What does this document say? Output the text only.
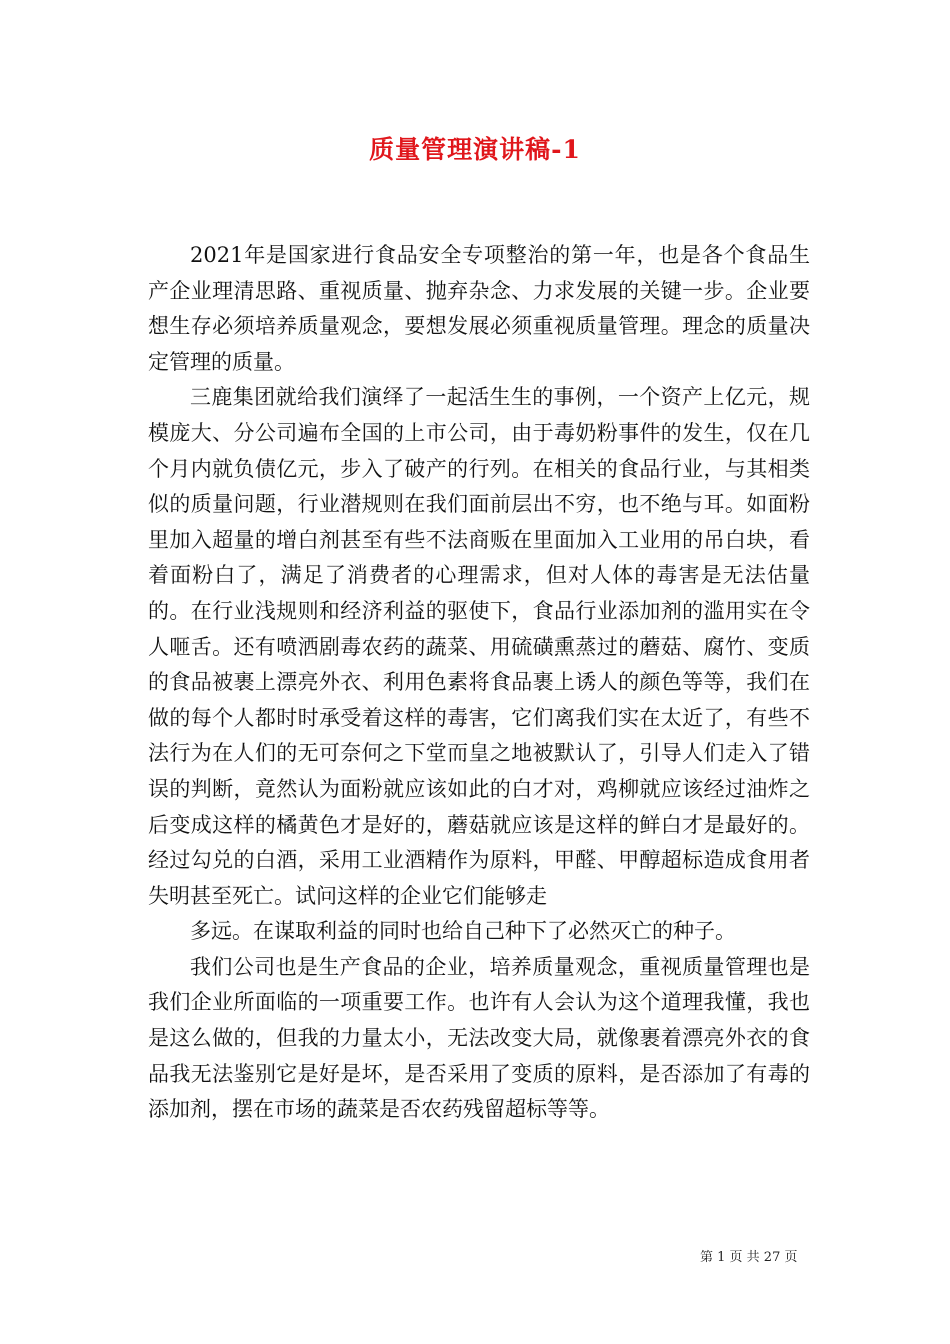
质量管理演讲稿-1

2021年是国家进行食品安全专项整治的第一年，也是各个食品生产企业理清思路、重视质量、抛弃杂念、力求发展的关键一步。企业要想生存必须培养质量观念，要想发展必须重视质量管理。理念的质量决定管理的质量。

三鹿集团就给我们演绎了一起活生生的事例，一个资产上亿元，规模庞大、分公司遍布全国的上市公司，由于毒奶粉事件的发生，仅在几个月内就负债亿元，步入了破产的行列。在相关的食品行业，与其相类似的质量问题，行业潜规则在我们面前层出不穷，也不绝与耳。如面粉里加入超量的增白剂甚至有些不法商贩在里面加入工业用的吊白块，看着面粉白了，满足了消费者的心理需求，但对人体的毒害是无法估量的。在行业浅规则和经济利益的驱使下，食品行业添加剂的滥用实在令人咂舌。还有喷洒剧毒农药的蔬菜、用硫磺熏蒸过的蘑菇、腐竹、变质的食品被裹上漂亮外衣、利用色素将食品裹上诱人的颜色等等，我们在做的每个人都时时承受着这样的毒害，它们离我们实在太近了，有些不法行为在人们的无可奈何之下堂而皇之地被默认了，引导人们走入了错误的判断，竟然认为面粉就应该如此的白才对，鸡柳就应该经过油炸之后变成这样的橘黄色才是好的，蘑菇就应该是这样的鲜白才是最好的。经过勾兑的白酒，采用工业酒精作为原料，甲醛、甲醇超标造成食用者失明甚至死亡。试问这样的企业它们能够走

多远。在谋取利益的同时也给自己种下了必然灭亡的种子。

我们公司也是生产食品的企业，培养质量观念，重视质量管理也是我们企业所面临的一项重要工作。也许有人会认为这个道理我懂，我也是这么做的，但我的力量太小，无法改变大局，就像裹着漂亮外衣的食品我无法鉴别它是好是坏，是否采用了变质的原料，是否添加了有毒的添加剂，摆在市场的蔬菜是否农药残留超标等等。

第 1 页 共 27 页
